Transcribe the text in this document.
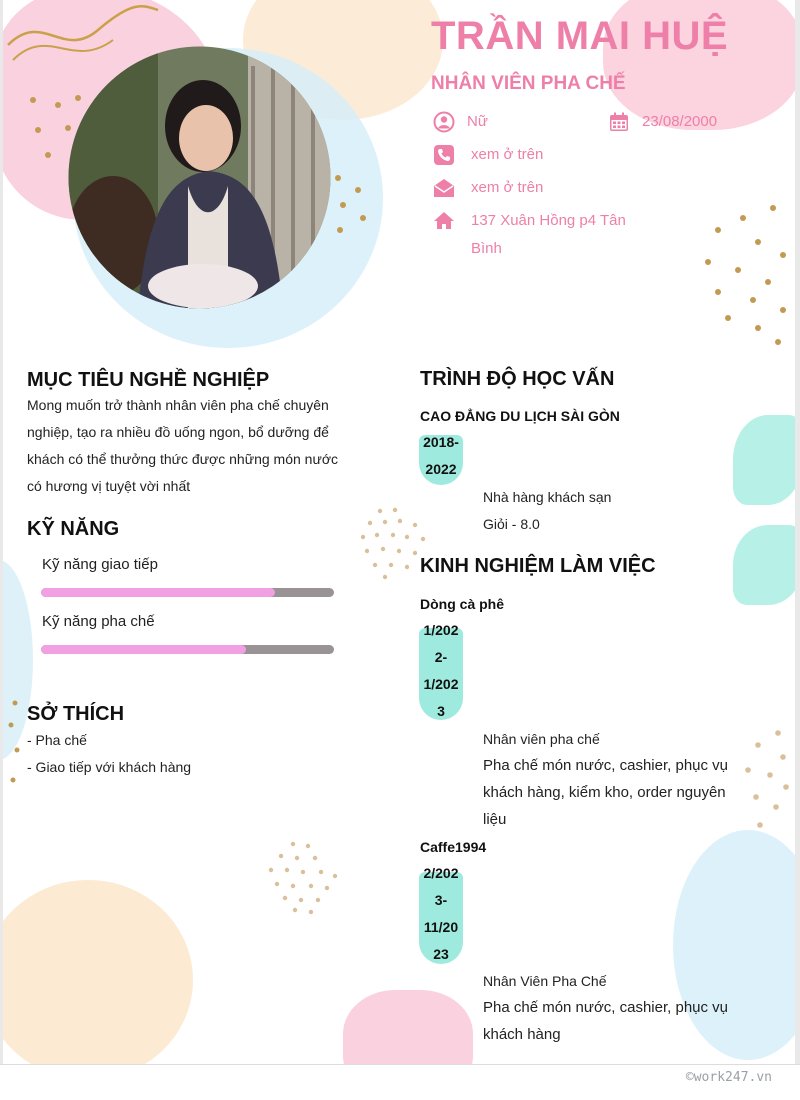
TRẦN MAI HUỆ
NHÂN VIÊN PHA CHẾ
Nữ	23/08/2000
xem ở trên
xem ở trên
137 Xuân Hồng p4 Tân Bình
MỤC TIÊU NGHỀ NGHIỆP
Mong muốn trở thành nhân viên pha chế chuyên nghiệp, tạo ra nhiều đồ uống ngon, bổ dưỡng để khách có thể thưởng thức được những món nước có hương vị tuyệt vời nhất
KỸ NĂNG
Kỹ năng giao tiếp
Kỹ năng pha chế
SỞ THÍCH
- Pha chế
- Giao tiếp với khách hàng
TRÌNH ĐỘ HỌC VẤN
CAO ĐẲNG DU LỊCH SÀI GÒN
2018-
2022
Nhà hàng khách sạn
Giỏi - 8.0
KINH NGHIỆM LÀM VIỆC
Dòng cà phê
1/202
2-
1/202
3
Nhân viên pha chế
Pha chế món nước, cashier, phục vụ khách hàng, kiểm kho, order nguyên liệu
Caffe1994
2/202
3-
11/20
23
Nhân Viên Pha Chế
Pha chế món nước, cashier, phục vụ khách hàng
©work247.vn
